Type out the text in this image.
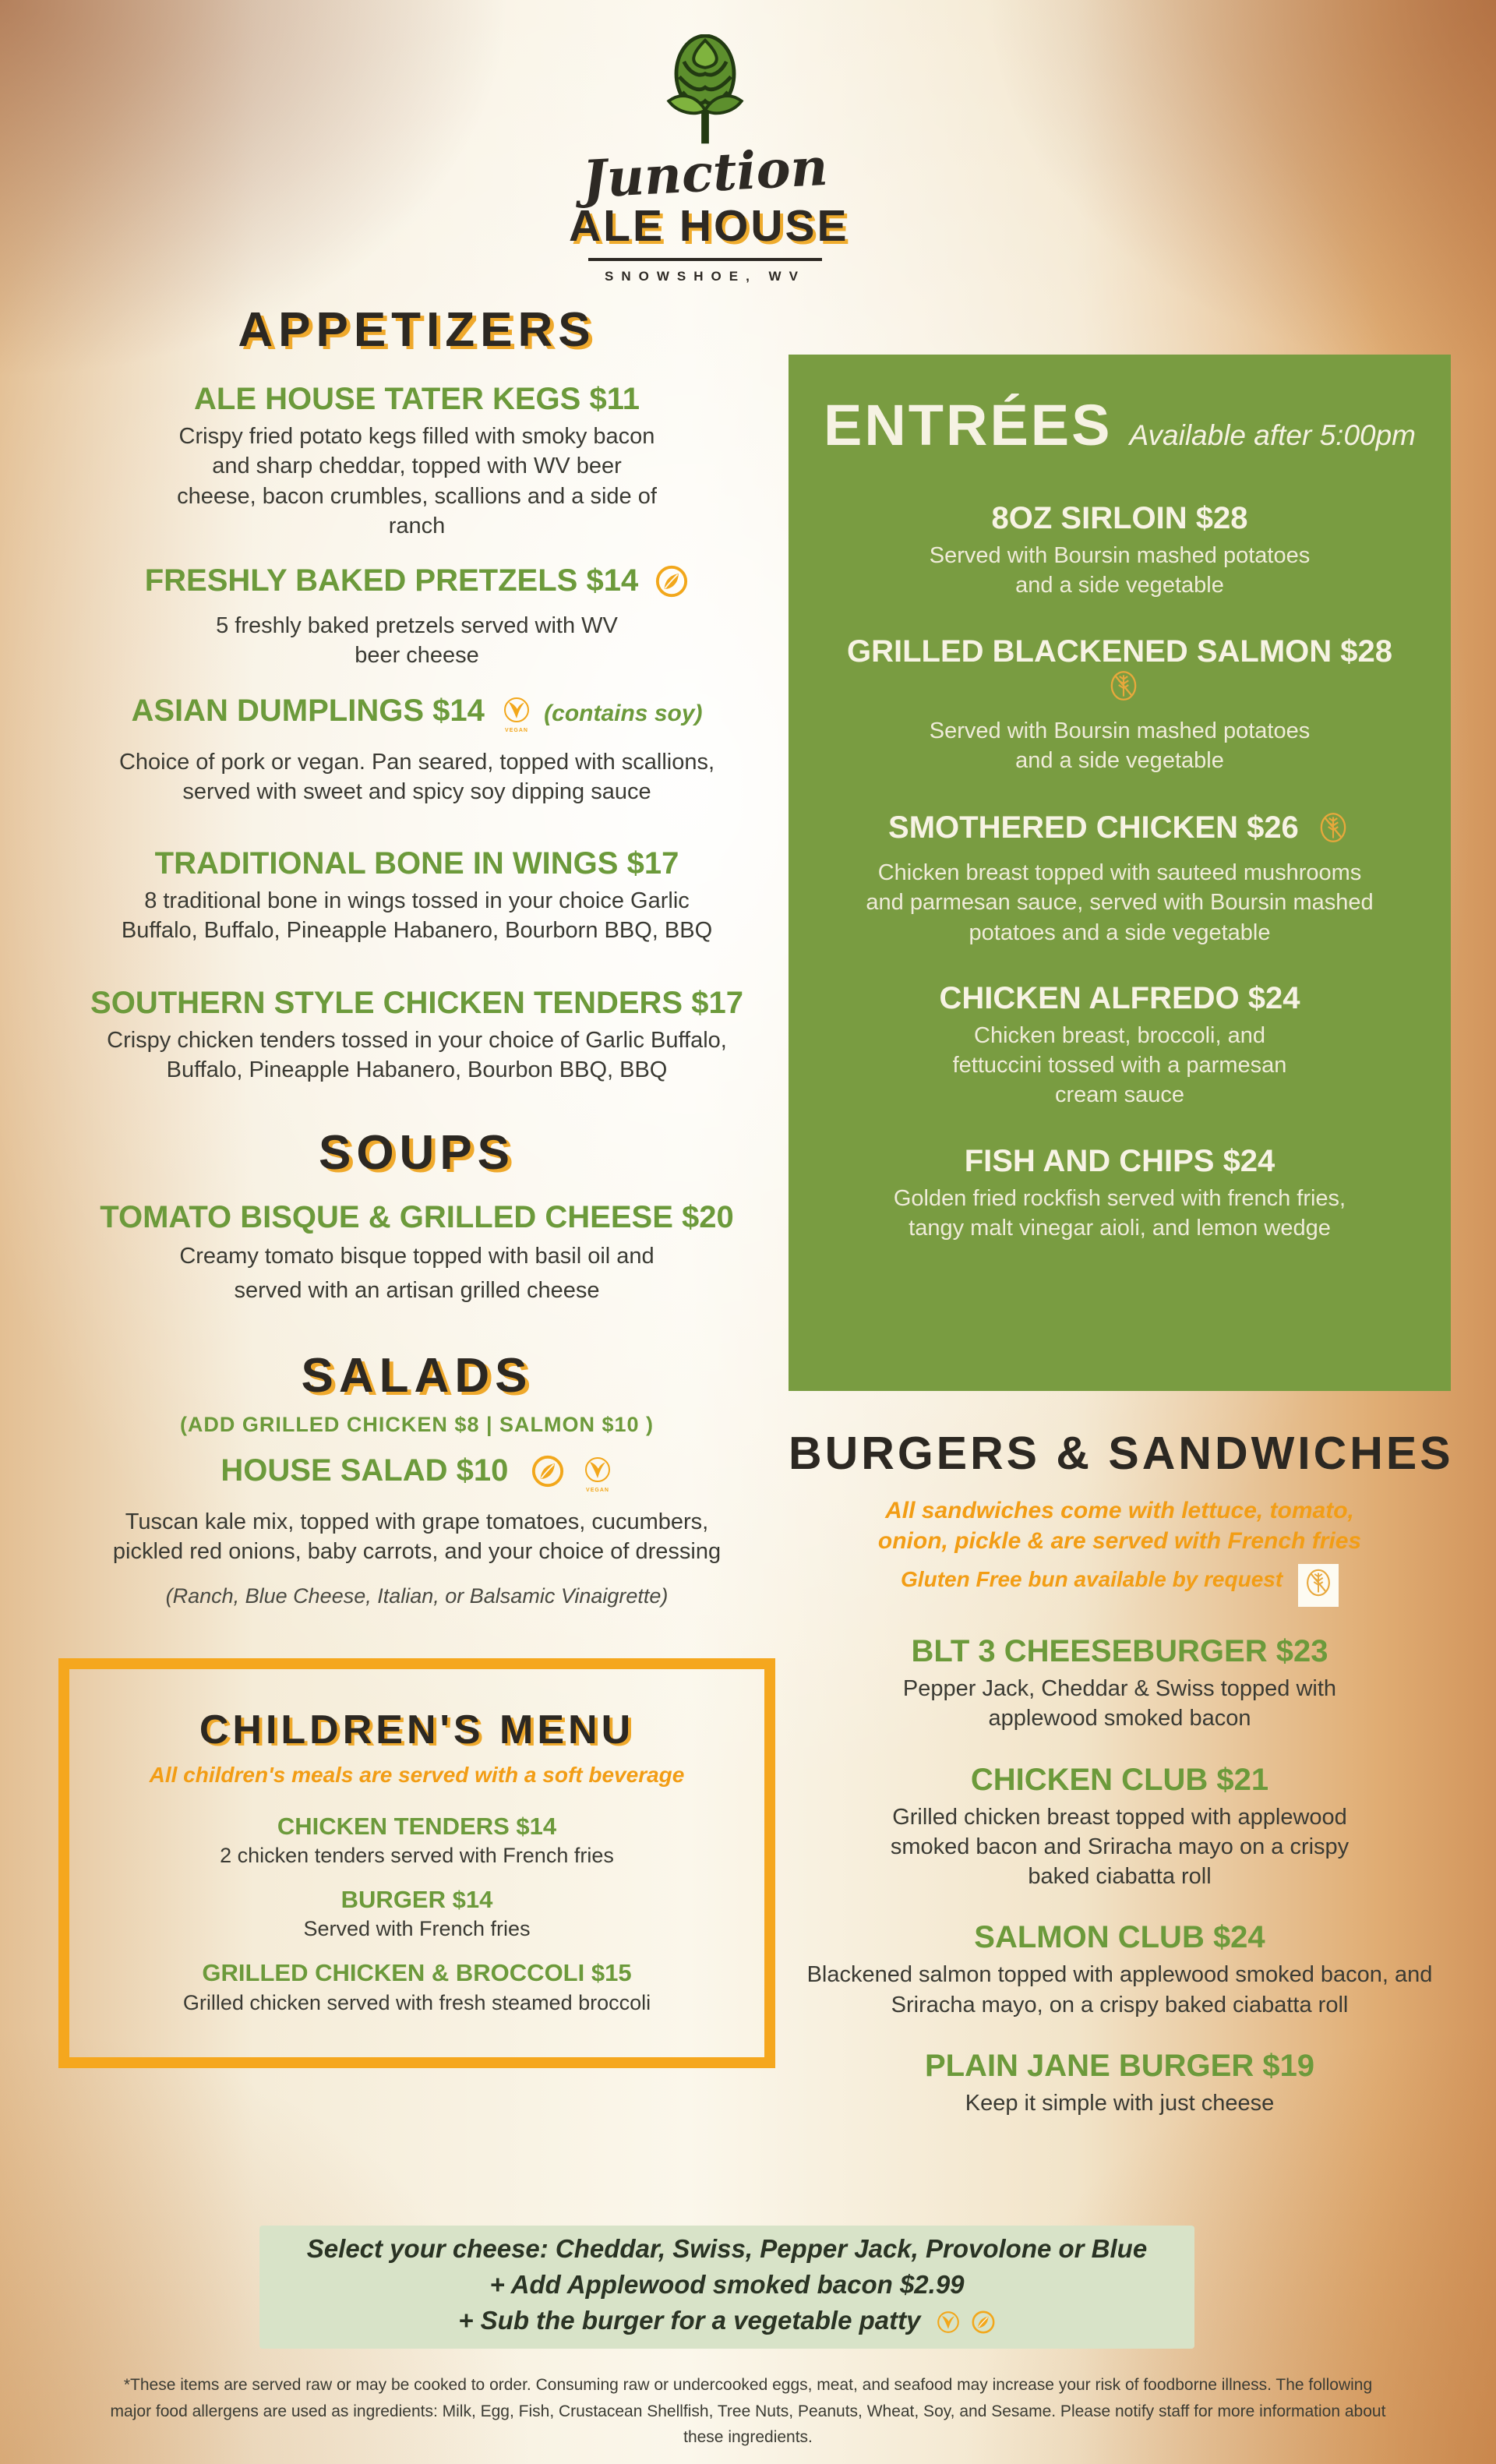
Junction
ALE HOUSE
SNOWSHOE, WV
APPETIZERS
ALE HOUSE TATER KEGS $11
Crispy fried potato kegs filled with smoky bacon and sharp cheddar, topped with WV beer cheese, bacon crumbles, scallions and a side of ranch
FRESHLY BAKED PRETZELS $14
5 freshly baked pretzels served with WV beer cheese
ASIAN DUMPLINGS $14
VEGAN
(contains soy)
Choice of pork or vegan. Pan seared, topped with scallions, served with sweet and spicy soy dipping sauce
TRADITIONAL BONE IN WINGS $17
8 traditional bone in wings tossed in your choice Garlic Buffalo, Buffalo, Pineapple Habanero, Bourborn BBQ, BBQ
SOUTHERN STYLE CHICKEN TENDERS $17
Crispy chicken tenders tossed in your choice of Garlic Buffalo, Buffalo, Pineapple Habanero, Bourbon BBQ, BBQ
SOUPS
TOMATO BISQUE & GRILLED CHEESE $20
Creamy tomato bisque topped with basil oil and served with an artisan grilled cheese
SALADS
(ADD GRILLED CHICKEN $8 | SALMON $10 )
HOUSE SALAD $10
VEGAN
Tuscan kale mix, topped with grape tomatoes, cucumbers, pickled red onions, baby carrots, and your choice of dressing
(Ranch, Blue Cheese, Italian, or Balsamic Vinaigrette)
CHILDREN'S MENU
All children's meals are served with a soft beverage
CHICKEN TENDERS $14
2 chicken tenders served with French fries
BURGER $14
Served with French fries
GRILLED CHICKEN & BROCCOLI $15
Grilled chicken served with fresh steamed broccoli
ENTRÉES Available after 5:00pm
8OZ SIRLOIN $28
Served with Boursin mashed potatoes and a side vegetable
GRILLED BLACKENED SALMON $28
Served with Boursin mashed potatoes and a side vegetable
SMOTHERED CHICKEN $26
Chicken breast topped with sauteed mushrooms and parmesan sauce, served with Boursin mashed potatoes and a side vegetable
CHICKEN ALFREDO $24
Chicken breast, broccoli, and fettuccini tossed with a parmesan cream sauce
FISH AND CHIPS $24
Golden fried rockfish served with french fries, tangy malt vinegar aioli, and lemon wedge
BURGERS & SANDWICHES
All sandwiches come with lettuce, tomato, onion, pickle & are served with French fries
Gluten Free bun available by request
BLT 3 CHEESEBURGER $23
Pepper Jack, Cheddar & Swiss topped with applewood smoked bacon
CHICKEN CLUB $21
Grilled chicken breast topped with applewood smoked bacon and Sriracha mayo on a crispy baked ciabatta roll
SALMON CLUB $24
Blackened salmon topped with applewood smoked bacon, and Sriracha mayo, on a crispy baked ciabatta roll
PLAIN JANE BURGER $19
Keep it simple with just cheese
Select your cheese: Cheddar, Swiss, Pepper Jack, Provolone or Blue
+ Add Applewood smoked bacon $2.99
+ Sub the burger for a vegetable patty
*These items are served raw or may be cooked to order. Consuming raw or undercooked eggs, meat, and seafood may increase your risk of foodborne illness. The following major food allergens are used as ingredients: Milk, Egg, Fish, Crustacean Shellfish, Tree Nuts, Peanuts, Wheat, Soy, and Sesame. Please notify staff for more information about these ingredients.
